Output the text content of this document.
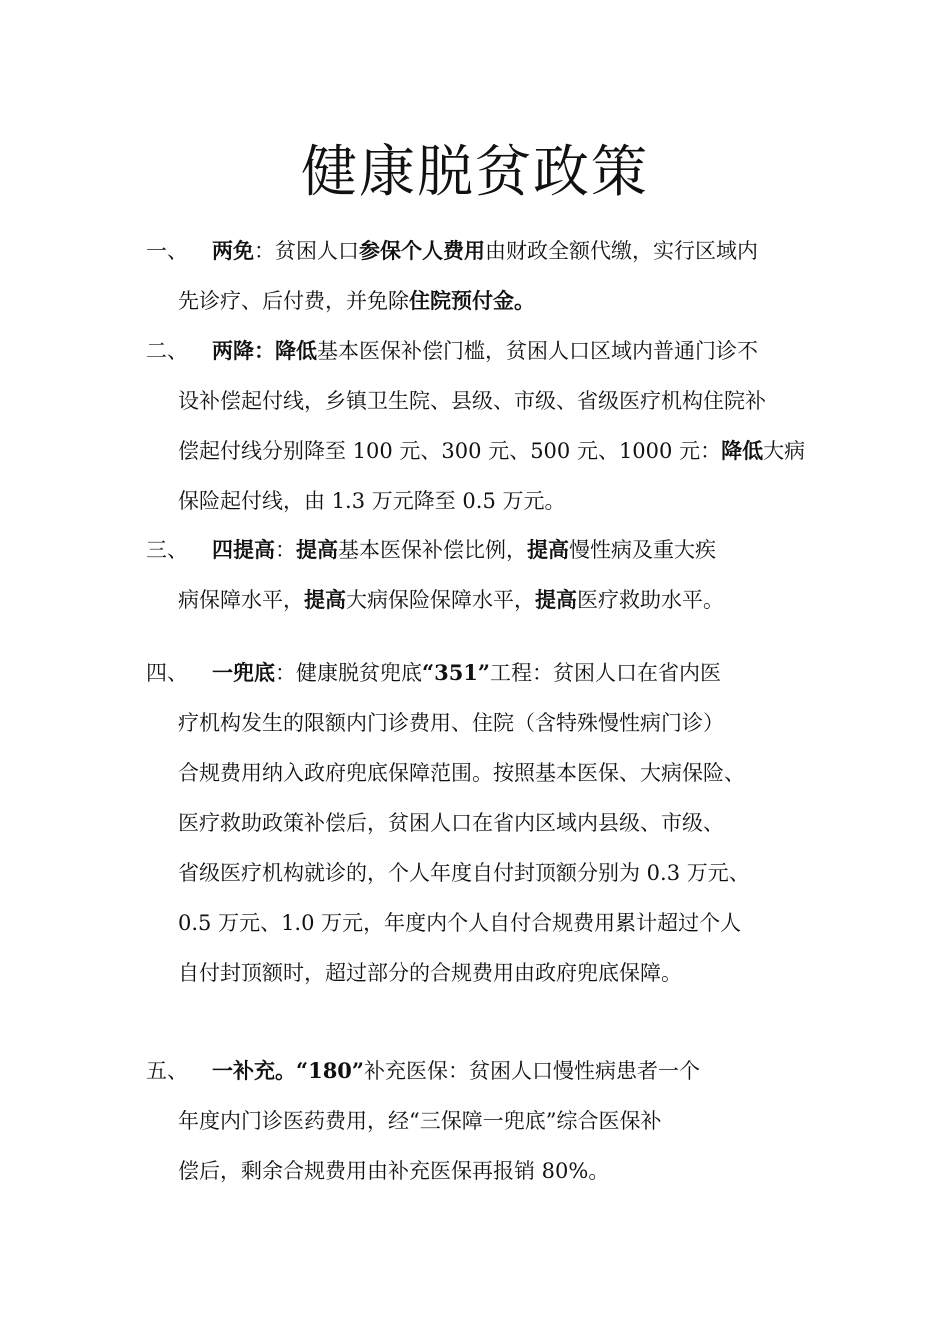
健康脱贫政策
一、 两免：贫困人口参保个人费用由财政全额代缴，实行区域内
先诊疗、后付费，并免除住院预付金。
二、 两降：降低基本医保补偿门槛，贫困人口区域内普通门诊不
设补偿起付线，乡镇卫生院、县级、市级、省级医疗机构住院补
偿起付线分别降至 100 元、300 元、500 元、1000 元：降低大病
保险起付线，由 1.3 万元降至 0.5 万元。
三、 四提高：提高基本医保补偿比例，提高慢性病及重大疾
病保障水平，提高大病保险保障水平，提高医疗救助水平。
四、 一兜底：健康脱贫兜底“351”工程：贫困人口在省内医
疗机构发生的限额内门诊费用、住院（含特殊慢性病门诊）
合规费用纳入政府兜底保障范围。按照基本医保、大病保险、
医疗救助政策补偿后，贫困人口在省内区域内县级、市级、
省级医疗机构就诊的，个人年度自付封顶额分别为 0.3 万元、
0.5 万元、1.0 万元，年度内个人自付合规费用累计超过个人
自付封顶额时，超过部分的合规费用由政府兜底保障。
五、 一补充。“180”补充医保：贫困人口慢性病患者一个
年度内门诊医药费用，经“三保障一兜底”综合医保补
偿后，剩余合规费用由补充医保再报销 80%。
